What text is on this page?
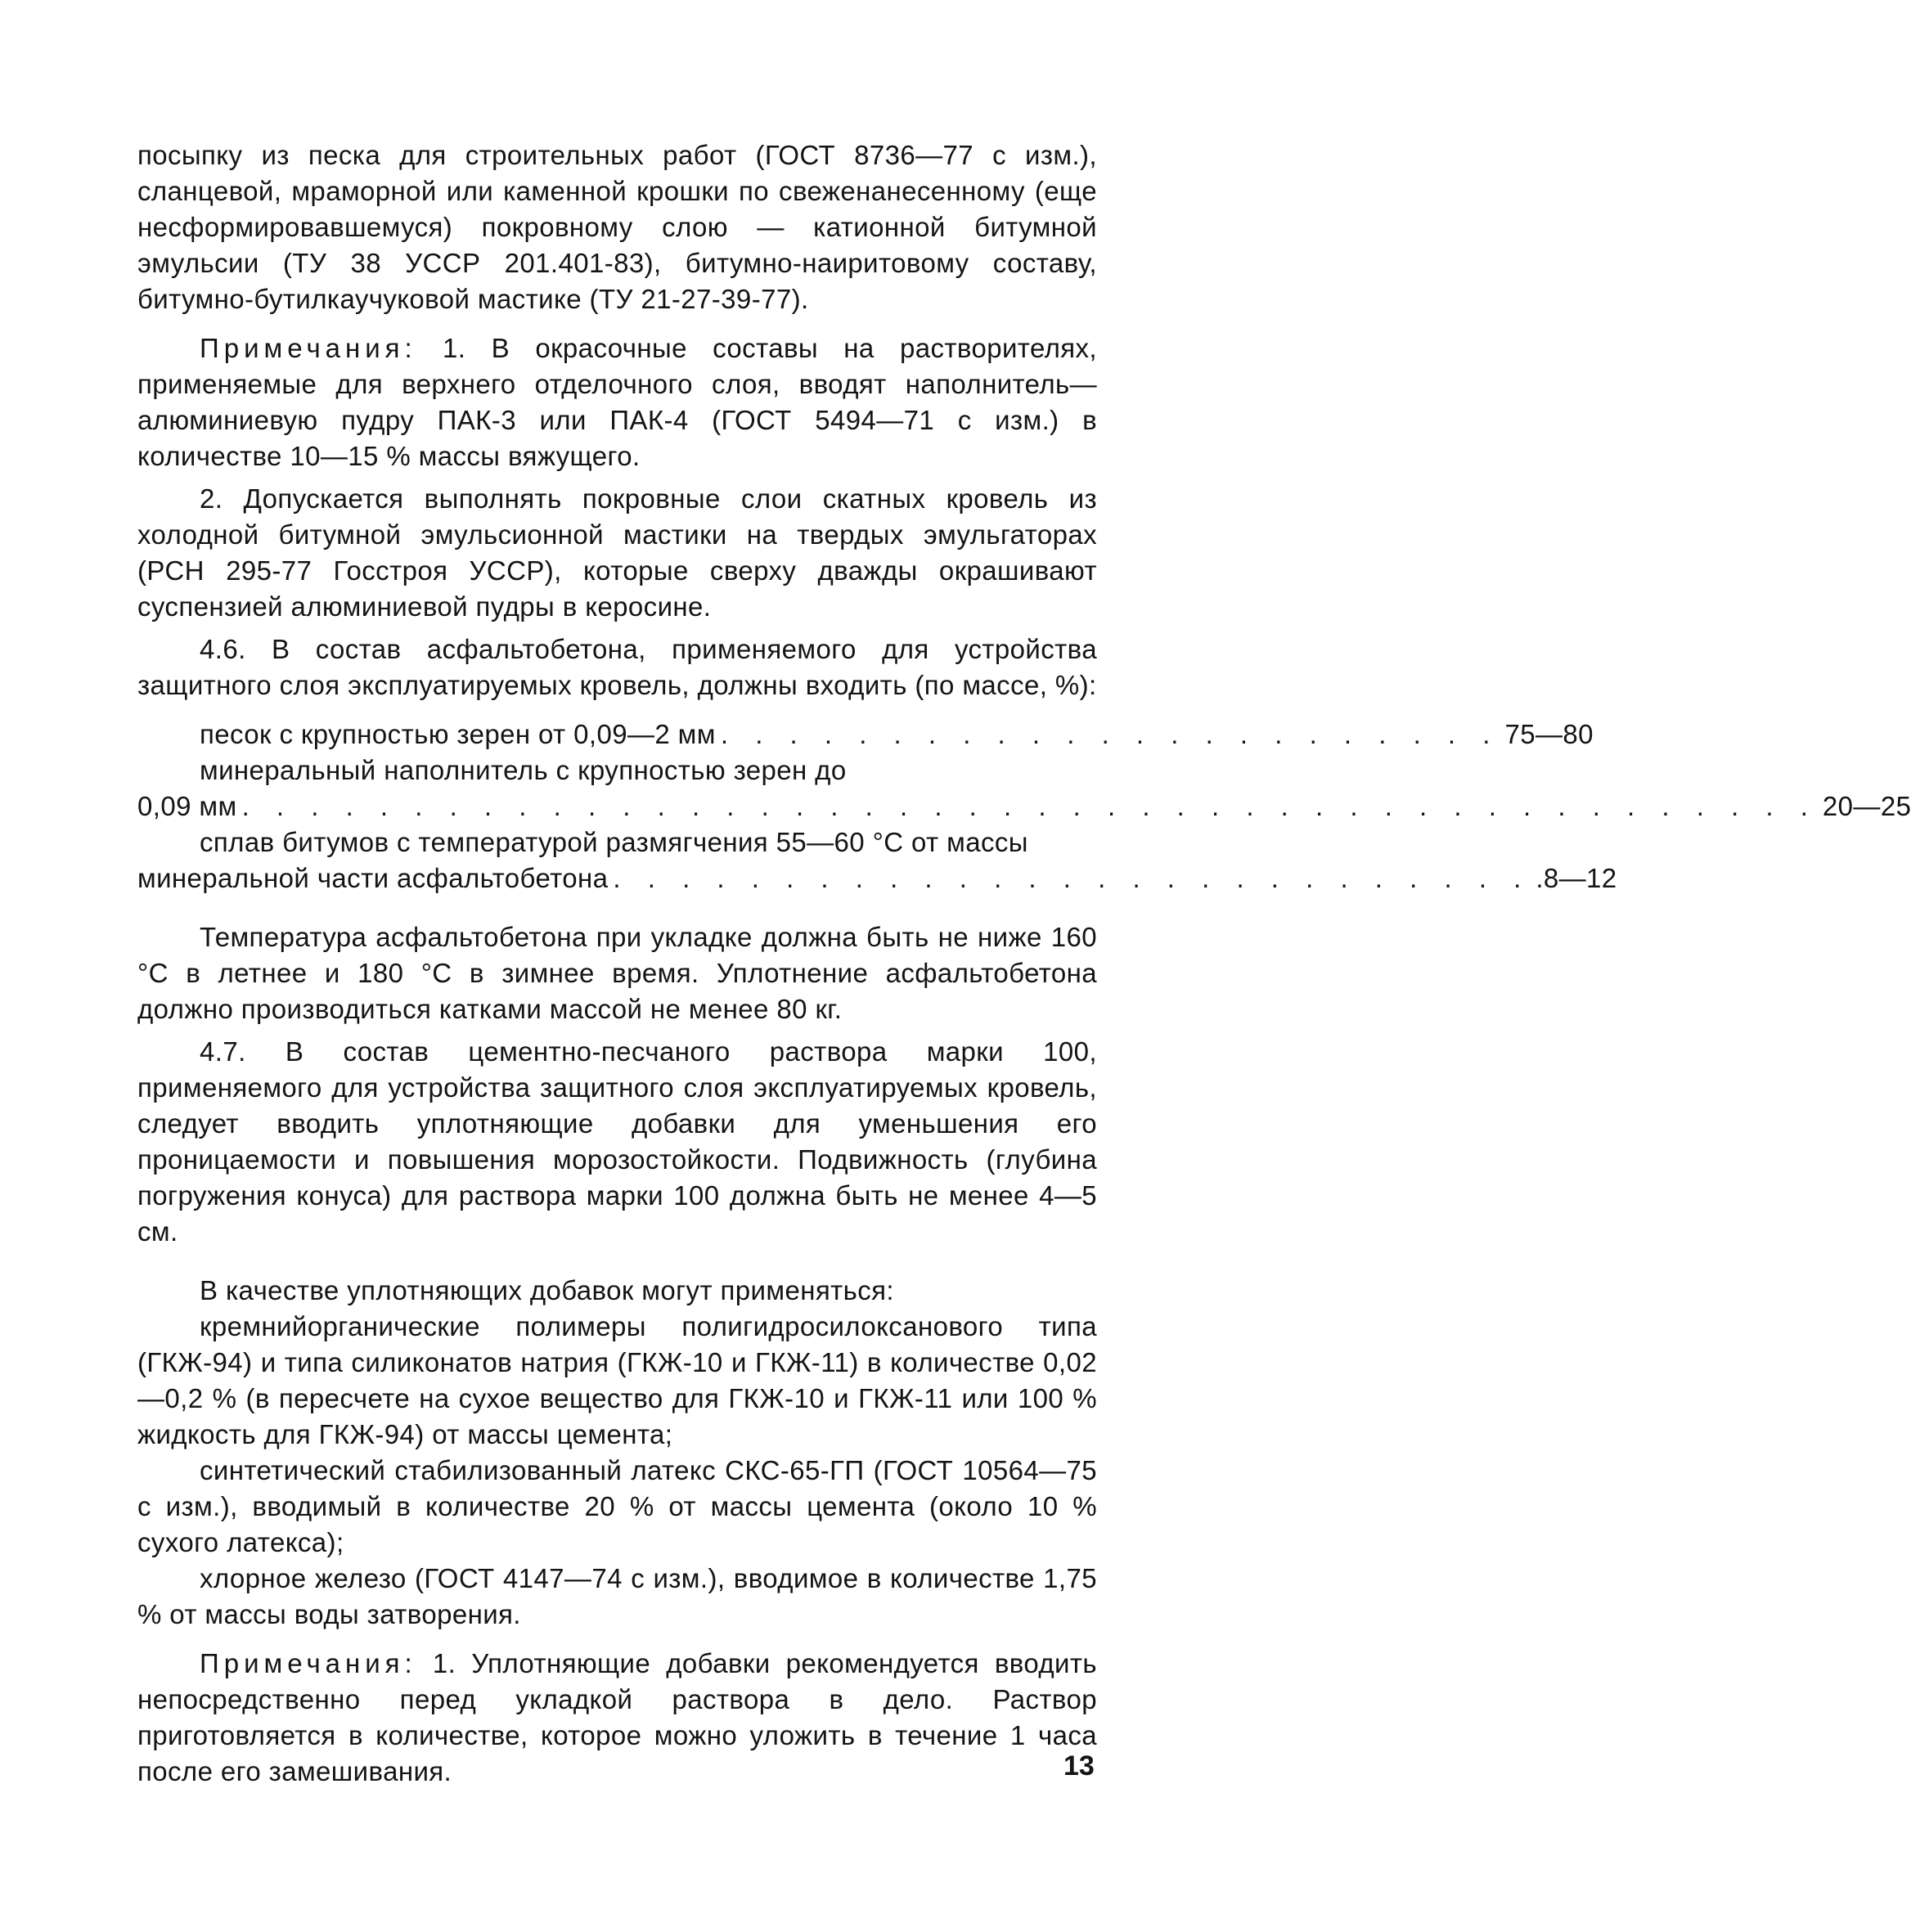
посыпку из песка для строительных работ (ГОСТ 8736—77 с изм.), сланцевой, мраморной или каменной крошки по свеженанесенному (еще несформировавшемуся) покровному слою — катионной битумной эмульсии (ТУ 38 УССР 201.401-83), битумно-наиритовому составу, битумно-бутилкаучуковой мастике (ТУ 21-27-39-77).

Примечания: 1. В окрасочные составы на растворителях, применяемые для верхнего отделочного слоя, вводят наполнитель— алюминиевую пудру ПАК-3 или ПАК-4 (ГОСТ 5494—71 с изм.) в количестве 10—15 % массы вяжущего.

2. Допускается выполнять покровные слои скатных кровель из холодной битумной эмульсионной мастики на твердых эмульгаторах (РСН 295-77 Госстроя УССР), которые сверху дважды окрашивают суспензией алюминиевой пудры в керосине.

4.6. В состав асфальтобетона, применяемого для устройства защитного слоя эксплуатируемых кровель, должны входить (по массе, %):

песок с крупностью зерен от 0,09—2 мм . . . . . . . . . . . . . . . . . . . . . . . 75—80

минеральный наполнитель с крупностью зерен до

0,09 мм . . . . . . . . . . . . . . . . . . . . . . . . . . . . . . . . . . . . . . . . . . . . . . 20—25

сплав битумов с температурой размягчения 55—60 °С от массы

минеральной части асфальтобетона . . . . . . . . . . . . . . . . . . . . . . . . . . . .8—12

Температура асфальтобетона при укладке должна быть не ниже 160 °С в летнее и 180 °С в зимнее время. Уплотнение асфальтобетона должно производиться катками массой не менее 80 кг.

4.7. В состав цементно-песчаного раствора марки 100, применяемого для устройства защитного слоя эксплуатируемых кровель, следует вводить уплотняющие добавки для уменьшения его проницаемости и повышения морозостойкости. Подвижность (глубина погружения конуса) для раствора марки 100 должна быть не менее 4—5 см.

В качестве уплотняющих добавок могут применяться:

кремнийорганические полимеры полигидросилоксанового типа (ГКЖ-94) и типа силиконатов натрия (ГКЖ-10 и ГКЖ-11) в количестве 0,02—0,2 % (в пересчете на сухое вещество для ГКЖ-10 и ГКЖ-11 или 100 % жидкость для ГКЖ-94) от массы цемента;

синтетический стабилизованный латекс СКС-65-ГП (ГОСТ 10564—75 с изм.), вводимый в количестве 20 % от массы цемента (около 10 % сухого латекса);

хлорное железо (ГОСТ 4147—74 с изм.), вводимое в количестве 1,75 % от массы воды затворения.

Примечания: 1. Уплотняющие добавки рекомендуется вводить непосредственно перед укладкой раствора в дело. Раствор приготовляется в количестве, которое можно уложить в течение 1 часа после его замешивания.	13
